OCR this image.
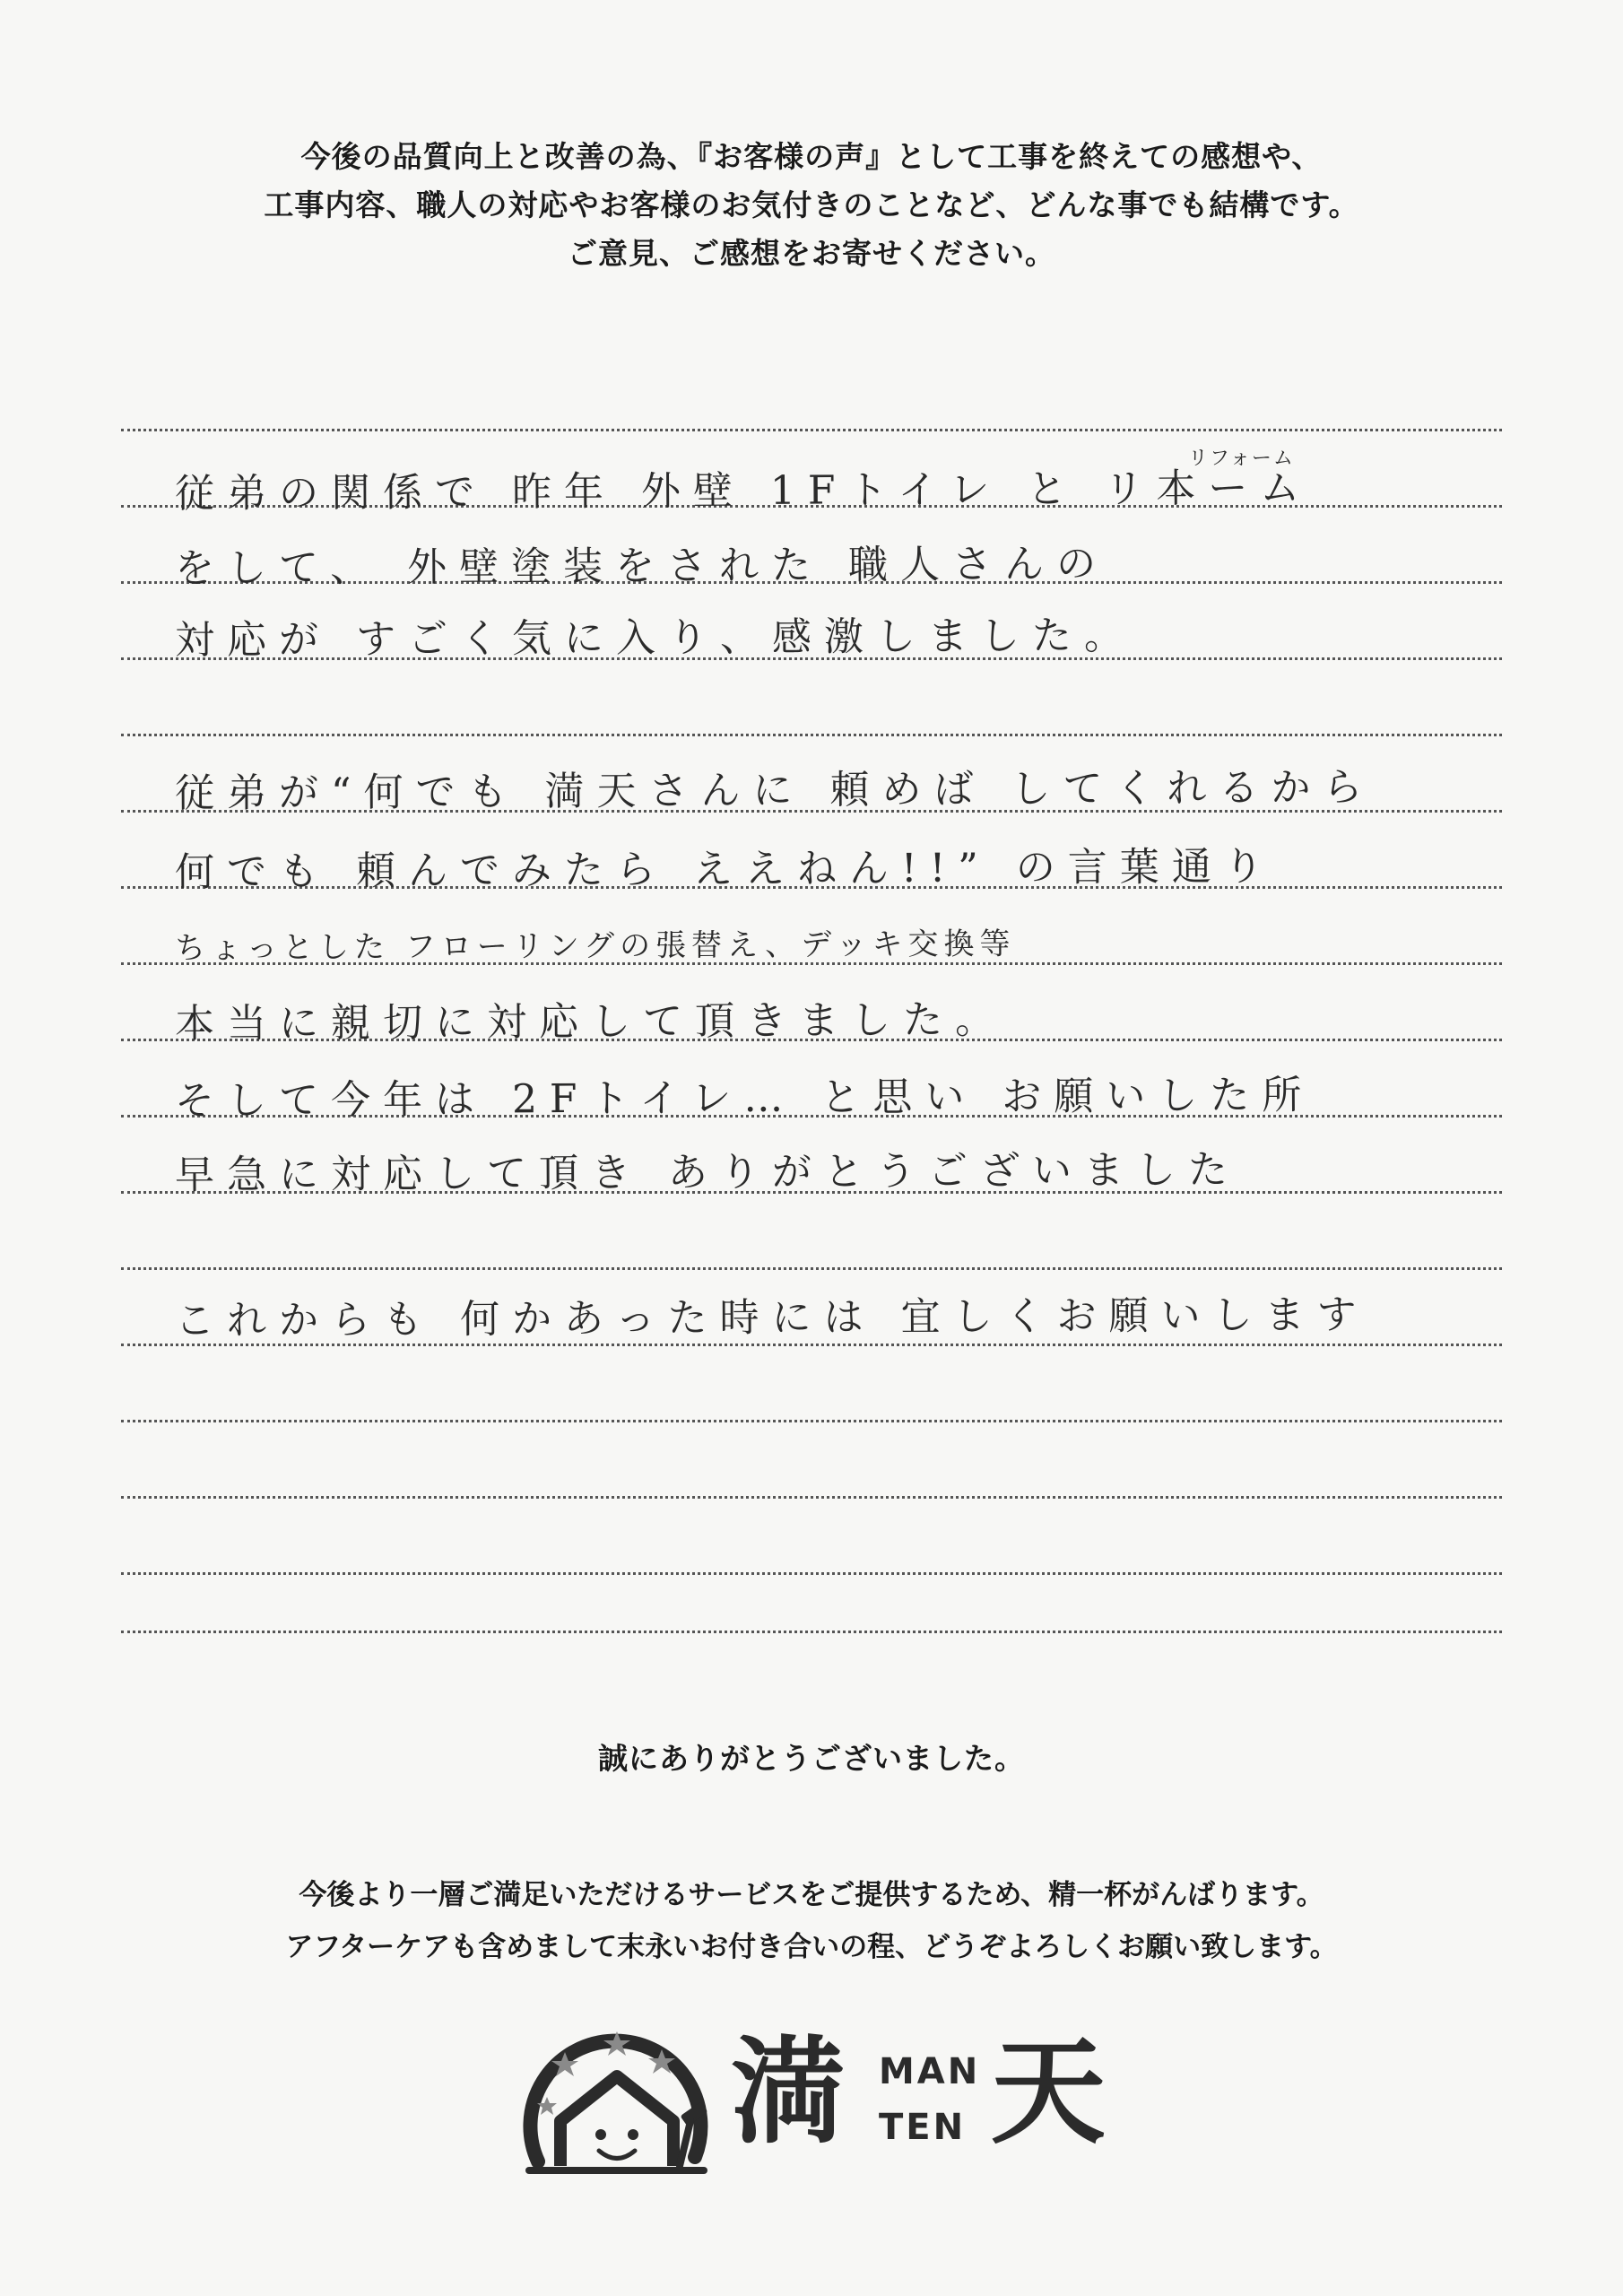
今後の品質向上と改善の為、『お客様の声』として工事を終えての感想や、

工事内容、職人の対応やお客様のお気付きのことなど、どんな事でも結構です。

ご意見、ご感想をお寄せください。

従弟の関係で 昨年 外壁 1Fトイレ と リ本ーム
リフォーム
をして、 外壁塗装をされた 職人さんの
対応が すごく気に入り、感激しました。
従弟が“何でも 満天さんに 頼めば してくれるから
何でも 頼んでみたら ええねん!!” の言葉通り
ちょっとした フローリングの張替え、デッキ交換等
本当に親切に対応して頂きました。
そして今年は 2Fトイレ… と思い お願いした所
早急に対応して頂き ありがとうございました
これからも 何かあった時には 宜しくお願いします
誠にありがとうございました。

今後より一層ご満足いただけるサービスをご提供するため、精一杯がんばります。

アフターケアも含めまして末永いお付き合いの程、どうぞよろしくお願い致します。

満 MAN
TEN 天
